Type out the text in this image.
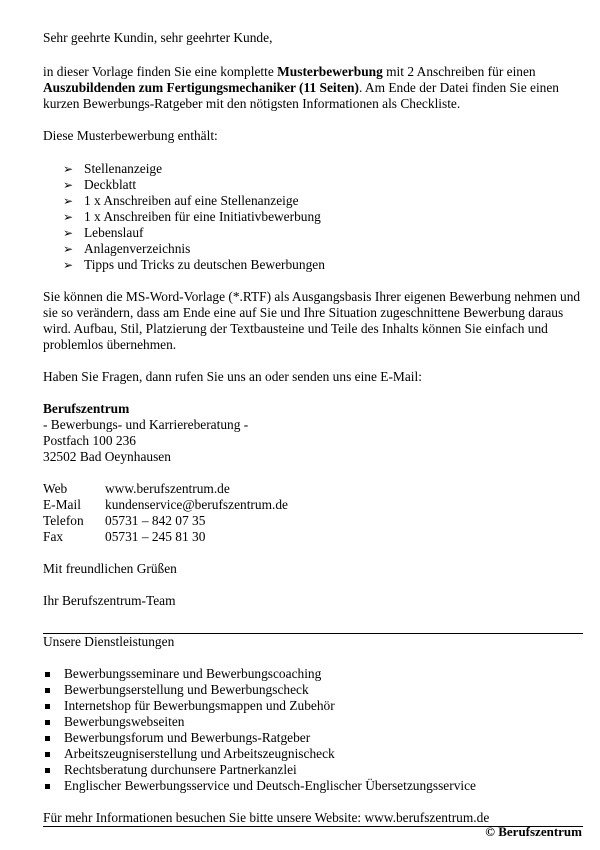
Sehr geehrte Kundin, sehr geehrter Kunde,

in dieser Vorlage finden Sie eine komplette Musterbewerbung mit 2 Anschreiben für einen Auszubildenden zum Fertigungsmechaniker (11 Seiten). Am Ende der Datei finden Sie einen kurzen Bewerbungs-Ratgeber mit den nötigsten Informationen als Checkliste.

Diese Musterbewerbung enthält:

➢ Stellenanzeige
➢ Deckblatt
➢ 1 x Anschreiben auf eine Stellenanzeige
➢ 1 x Anschreiben für eine Initiativbewerbung
➢ Lebenslauf
➢ Anlagenverzeichnis
➢ Tipps und Tricks zu deutschen Bewerbungen

Sie können die MS-Word-Vorlage (*.RTF) als Ausgangsbasis Ihrer eigenen Bewerbung nehmen und sie so verändern, dass am Ende eine auf Sie und Ihre Situation zugeschnittene Bewerbung daraus wird. Aufbau, Stil, Platzierung der Textbausteine und Teile des Inhalts können Sie einfach und problemlos übernehmen.

Haben Sie Fragen, dann rufen Sie uns an oder senden uns eine E-Mail:

Berufszentrum
- Bewerbungs- und Karriereberatung -
Postfach 100 236
32502 Bad Oeynhausen
Web	www.berufszentrum.de
E-Mail	kundenservice@berufszentrum.de
Telefon	05731 – 842 07 35
Fax	05731 – 245 81 30

Mit freundlichen Grüßen

Ihr Berufszentrum-Team

Unsere Dienstleistungen
Bewerbungsseminare und Bewerbungscoaching
Bewerbungserstellung und Bewerbungscheck
Internetshop für Bewerbungsmappen und Zubehör
Bewerbungswebseiten
Bewerbungsforum und Bewerbungs-Ratgeber
Arbeitszeugniserstellung und Arbeitszeugnischeck
Rechtsberatung durchunsere Partnerkanzlei
Englischer Bewerbungsservice und Deutsch-Englischer Übersetzungsservice

Für mehr Informationen besuchen Sie bitte unsere Website: www.berufszentrum.de

© Berufszentrum
